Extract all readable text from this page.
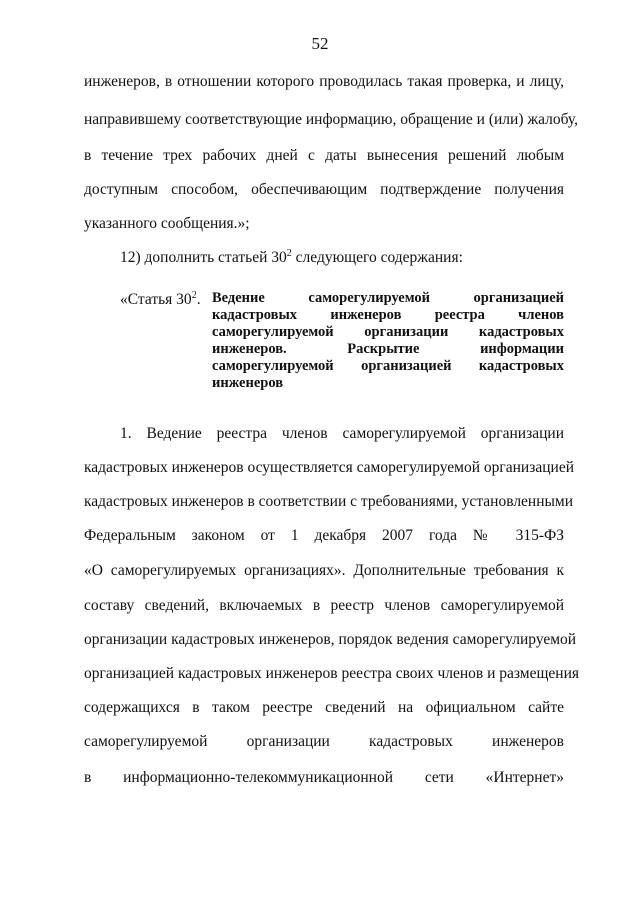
52
инженеров, в отношении которого проводилась такая проверка, и лицу,
направившему соответствующие информацию, обращение и (или) жалобу,
в течение трех рабочих дней с даты вынесения решений любым
доступным способом, обеспечивающим подтверждение получения
указанного сообщения.»;
12) дополнить статьей $30^2$ следующего содержания:
«Статья $30^2$. Ведение саморегулируемой организацией
кадастровых инженеров реестра членов
саморегулируемой организации кадастровых
инженеров. Раскрытие информации
саморегулируемой организацией кадастровых
инженеров
1. Ведение реестра членов саморегулируемой организации
кадастровых инженеров осуществляется саморегулируемой организацией
кадастровых инженеров в соответствии с требованиями, установленными
Федеральным законом от 1 декабря 2007 года № 315-ФЗ
«О саморегулируемых организациях». Дополнительные требования к
составу сведений, включаемых в реестр членов саморегулируемой
организации кадастровых инженеров, порядок ведения саморегулируемой
организацией кадастровых инженеров реестра своих членов и размещения
содержащихся в таком реестре сведений на официальном сайте
саморегулируемой организации кадастровых инженеров
в информационно-телекоммуникационной сети «Интернет»
